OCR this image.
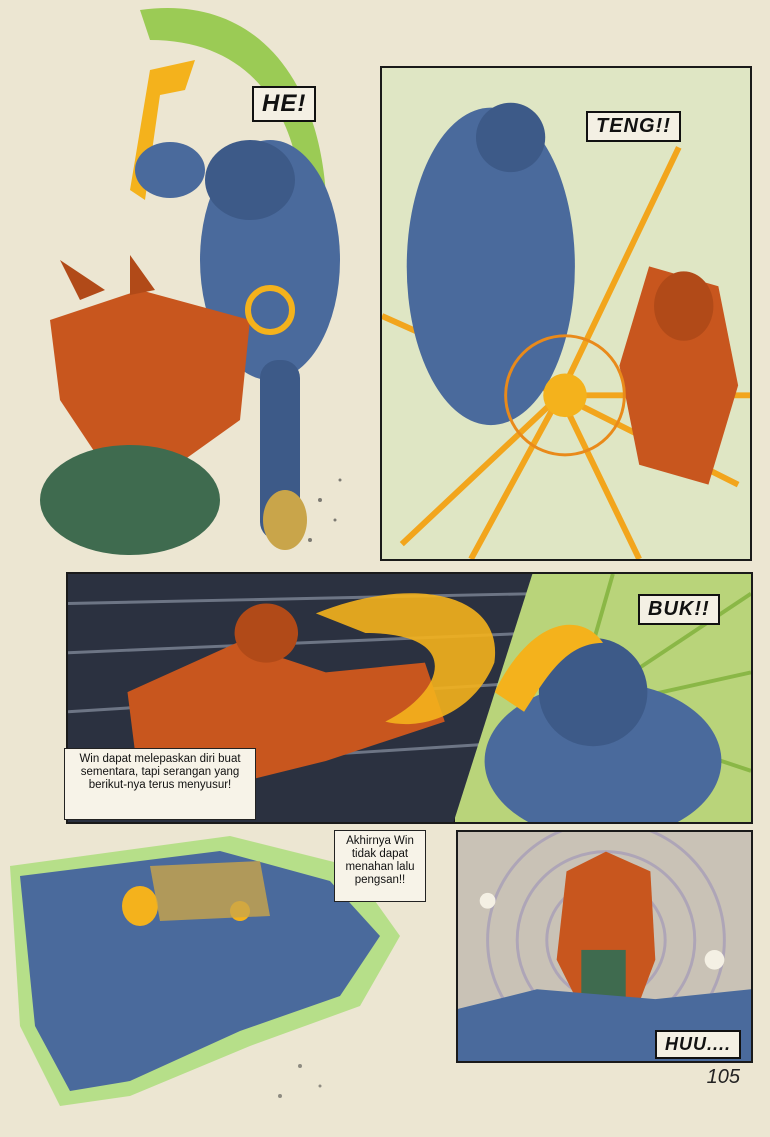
HE!
TENG!!
Win dapat melepaskan diri buat sementara, tapi serangan yang berikut-nya terus menyusur!
BUK!!
Akhirnya Win tidak dapat menahan lalu pengsan!!
HUU....
105
